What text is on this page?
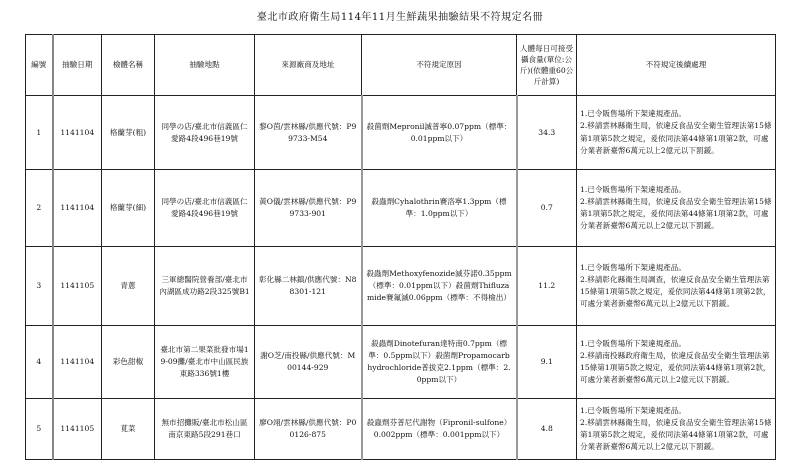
臺北市政府衛生局114年11月生鮮蔬果抽驗結果不符規定名冊
編號	抽驗日期	檢體名稱	抽驗地點	來源廠商及地址	不符規定原因	人體每日可接受攝食量(單位:公斤)(依體重60公斤計算)	不符規定後續處理
1	1141104	格蘭芽(粗)	同學の店/臺北市信義區仁愛路4段496巷19號	黎O茵/雲林縣/供應代號：P99733-M54	殺菌劑Mepronil滅普寧0.07ppm（標準：0.01ppm以下）	34.3	1.已令販售場所下架違規產品。
2.移請雲林縣衛生局，依違反食品安全衛生管理法第15條第1項第5款之規定，爰依同法第44條第1項第2款，可處分業者新臺幣6萬元以上2億元以下罰鍰。

2	1141104	格蘭芽(細)	同學の店/臺北市信義區仁愛路4段496巷19號	黃O儀/雲林縣/供應代號：P99733-901	殺蟲劑Cyhalothrin賽洛寧1.3ppm（標準：1.0ppm以下）	0.7	1.已令販售場所下架違規產品。
2.移請雲林縣衛生局，依違反食品安全衛生管理法第15條第1項第5款之規定，爰依同法第44條第1項第2款，可處分業者新臺幣6萬元以上2億元以下罰鍰。

3	1141105	青蔥	三軍總醫院營養部/臺北市內湖區成功路2段325號B1	彰化縣二林鎮/供應代號：N88301-121	殺蟲劑Methoxyfenozide滅芬諾0.35ppm（標準：0.01ppm以下）殺菌劑Thifluzamide賽氟滅0.06ppm（標準：不得檢出）	11.2	1.已令販售場所下架違規產品。
2.移請彰化縣衛生局調查，依違反食品安全衛生管理法第15條第1項第5款之規定，爰依同法第44條第1項第2款，可處分業者新臺幣6萬元以上2億元以下罰鍰。

4	1141104	彩色甜椒	臺北市第二果菜批發市場19-09攤/臺北市中山區民族東路336號1樓	謝O芝/南投縣/供應代號：M00144-929	殺蟲劑Dinotefuran達特南0.7ppm（標準：0.5ppm以下）殺菌劑Propamocarb hydrochloride普拔克2.1ppm（標準：2.0ppm以下）	9.1	1.已令販售場所下架違規產品。
2.移請南投縣政府衛生局，依違反食品安全衛生管理法第15條第1項第5款之規定，爰依同法第44條第1項第2款，可處分業者新臺幣6萬元以上2億元以下罰鍰。

5	1141105	莧菜	無市招攤販/臺北市松山區南京東路5段291巷口	廖O翊/雲林縣/供應代號：P00126-875	殺蟲劑芬普尼代謝物（Fipronil-sulfone）0.002ppm（標準：0.001ppm以下）	4.8	1.已令販售場所下架違規產品。
2.移請雲林縣衛生局，依違反食品安全衛生管理法第15條第1項第5款之規定，爰依同法第44條第1項第2款，可處分業者新臺幣6萬元以上2億元以下罰鍰。
